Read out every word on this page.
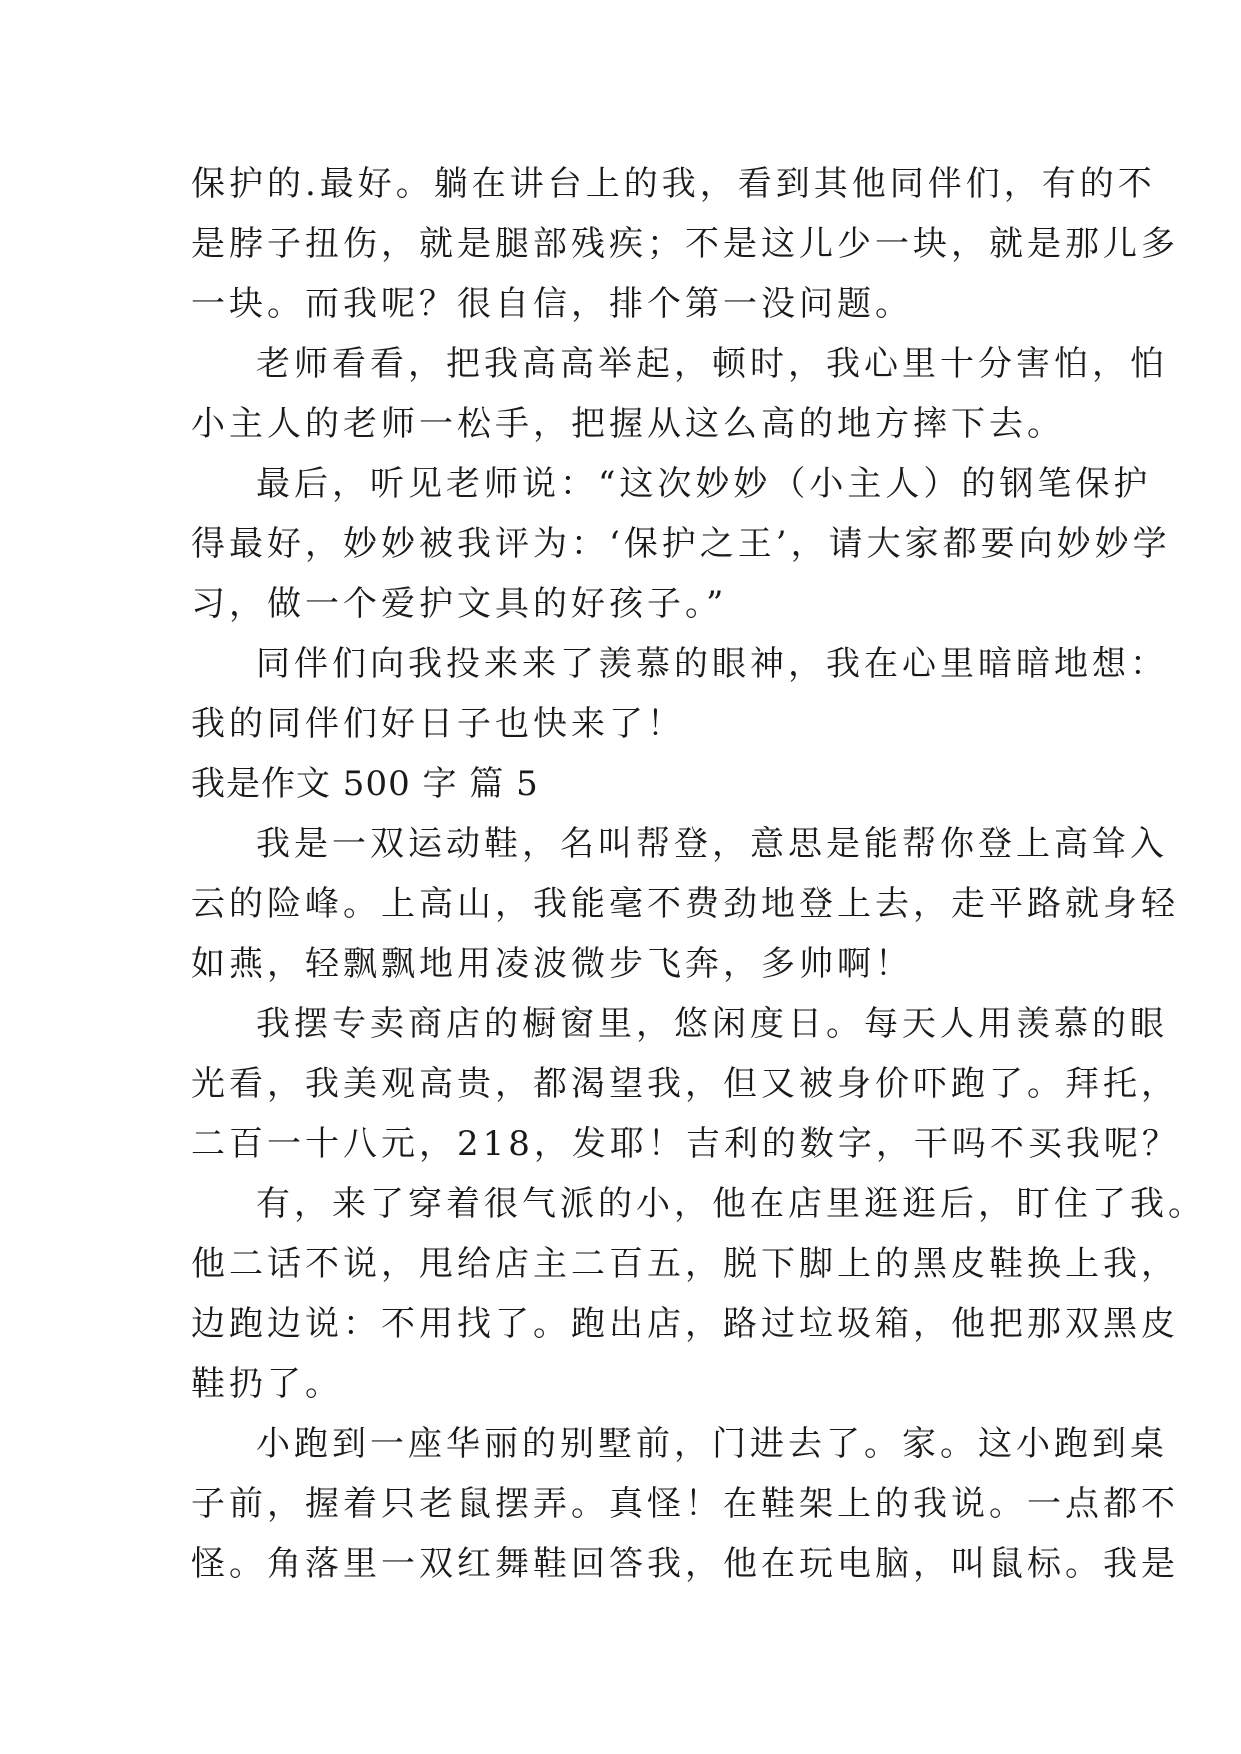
保护的.最好。躺在讲台上的我，看到其他同伴们，有的不
是脖子扭伤，就是腿部残疾；不是这儿少一块，就是那儿多
一块。而我呢？很自信，排个第一没问题。
老师看看，把我高高举起，顿时，我心里十分害怕，怕
小主人的老师一松手，把握从这么高的地方摔下去。
最后，听见老师说：“这次妙妙（小主人）的钢笔保护
得最好，妙妙被我评为：‘保护之王’，请大家都要向妙妙学
习，做一个爱护文具的好孩子。”
同伴们向我投来来了羡慕的眼神，我在心里暗暗地想：
我的同伴们好日子也快来了！
我是作文 500 字 篇 5
我是一双运动鞋，名叫帮登，意思是能帮你登上高耸入
云的险峰。上高山，我能毫不费劲地登上去，走平路就身轻
如燕，轻飘飘地用凌波微步飞奔，多帅啊！
我摆专卖商店的橱窗里，悠闲度日。每天人用羡慕的眼
光看，我美观高贵，都渴望我，但又被身价吓跑了。拜托，
二百一十八元，218，发耶！吉利的数字，干吗不买我呢？
有，来了穿着很气派的小，他在店里逛逛后，盯住了我。
他二话不说，甩给店主二百五，脱下脚上的黑皮鞋换上我，
边跑边说：不用找了。跑出店，路过垃圾箱，他把那双黑皮
鞋扔了。
小跑到一座华丽的别墅前，门进去了。家。这小跑到桌
子前，握着只老鼠摆弄。真怪！在鞋架上的我说。一点都不
怪。角落里一双红舞鞋回答我，他在玩电脑，叫鼠标。我是
